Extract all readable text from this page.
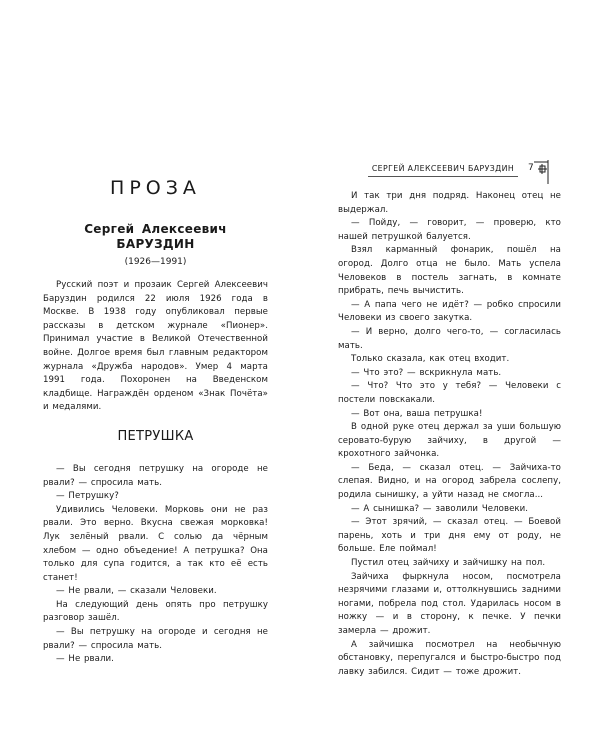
ПРОЗА
Сергей Алексеевич БАРУЗДИН
(1926—1991)

Русский поэт и прозаик Сергей Алексеевич Баруздин родился 22 июля 1926 года в Москве. В 1938 году опубликовал первые рассказы в детском журнале «Пионер». Принимал участие в Великой Отечественной войне. Долгое время был главным редактором журнала «Дружба народов». Умер 4 марта 1991 года. Похоронен на Введенском кладбище. Награждён орденом «Знак Почёта» и медалями.

ПЕТРУШКА

— Вы сегодня петрушку на огороде не рвали? — спросила мать.

— Петрушку?

Удивились Человеки. Морковь они не раз рвали. Это верно. Вкусна свежая морковка! Лук зелёный рвали. С солью да чёрным хлебом — одно объедение! А петрушка? Она только для супа годится, а так кто её есть станет!

— Не рвали, — сказали Человеки.

На следующий день опять про петрушку разговор зашёл.

— Вы петрушку на огороде и сегодня не рвали? — спросила мать.

— Не рвали.

СЕРГЕЙ АЛЕКСЕЕВИЧ БАРУЗДИН	7

И так три дня подряд. Наконец отец не выдержал.

— Пойду, — говорит, — проверю, кто нашей петрушкой балуется.

Взял карманный фонарик, пошёл на огород. Долго отца не было. Мать успела Человеков в постель загнать, в комнате прибрать, печь вычистить.

— А папа чего не идёт? — робко спросили Человеки из своего закутка.

— И верно, долго чего-то, — согласилась мать.

Только сказала, как отец входит.

— Что это? — вскрикнула мать.

— Что? Что это у тебя? — Человеки с постели повскакали.

— Вот она, ваша петрушка!

В одной руке отец держал за уши большую серовато-бурую зайчиху, в другой — крохотного зайчонка.

— Беда, — сказал отец. — Зайчиха-то слепая. Видно, и на огород забрела сослепу, родила сынишку, а уйти назад не смогла...

— А сынишка? — заволили Человеки.

— Этот зрячий, — сказал отец. — Боевой парень, хоть и три дня ему от роду, не больше. Еле поймал!

Пустил отец зайчиху и зайчишку на пол.

Зайчиха фыркнула носом, посмотрела незрячими глазами и, оттолкнувшись задними ногами, побрела под стол. Ударилась носом в ножку — и в сторону, к печке. У печки замерла — дрожит.

А зайчишка посмотрел на необычную обстановку, перепугался и быстро-быстро под лавку забился. Сидит — тоже дрожит.
